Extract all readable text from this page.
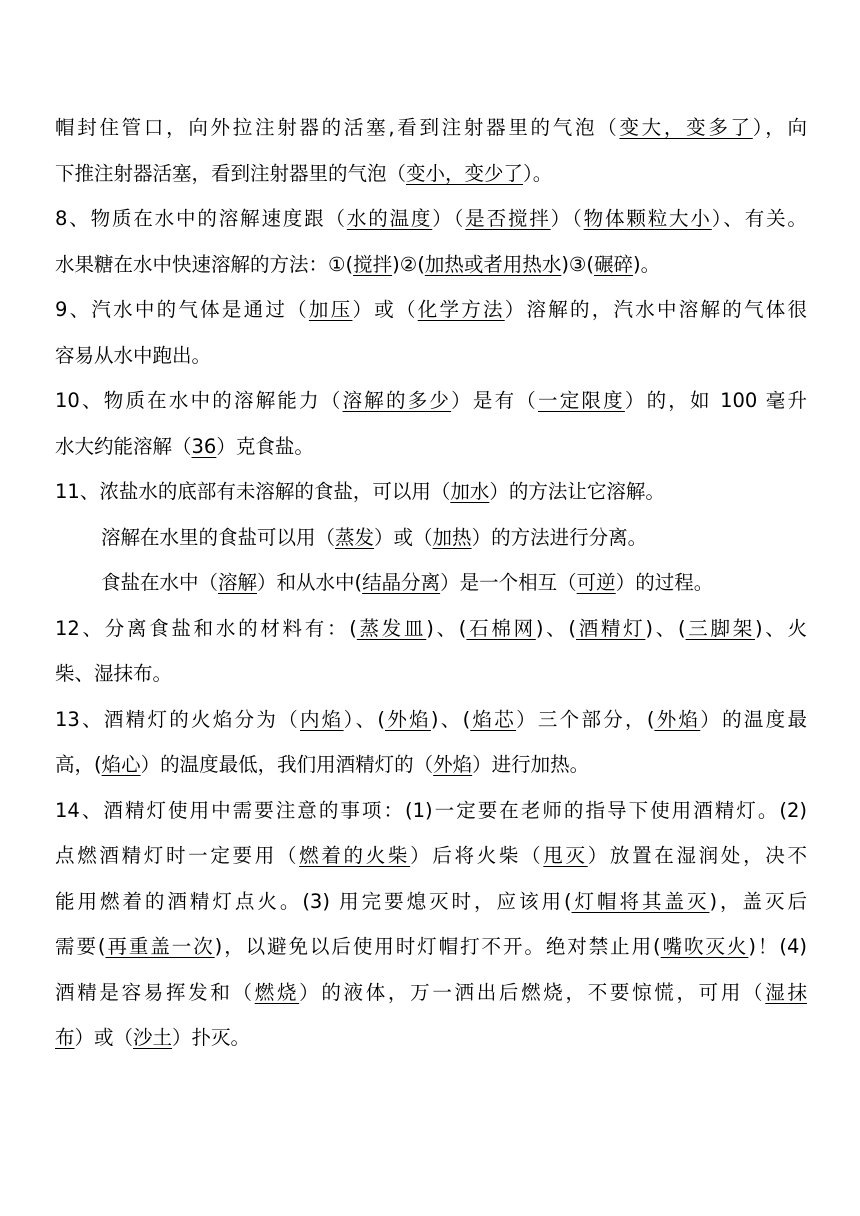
帽封住管口，向外拉注射器的活塞,看到注射器里的气泡（变大，变多了），向
下推注射器活塞，看到注射器里的气泡（变小，变少了）。
8、物质在水中的溶解速度跟（水的温度）（是否搅拌）（物体颗粒大小）、有关。
水果糖在水中快速溶解的方法：①(搅拌)②(加热或者用热水)③(碾碎)。
9、汽水中的气体是通过（加压）或（化学方法）溶解的，汽水中溶解的气体很
容易从水中跑出。
10、物质在水中的溶解能力（溶解的多少）是有（一定限度）的，如 100 毫升
水大约能溶解（36）克食盐。
11、浓盐水的底部有未溶解的食盐，可以用（加水）的方法让它溶解。
溶解在水里的食盐可以用（蒸发）或（加热）的方法进行分离。
食盐在水中（溶解）和从水中(结晶分离）是一个相互（可逆）的过程。
12、分离食盐和水的材料有：(蒸发皿)、(石棉网)、(酒精灯)、(三脚架)、火
柴、湿抹布。
13、酒精灯的火焰分为（内焰）、(外焰)、(焰芯）三个部分，(外焰）的温度最
高，(焰心）的温度最低，我们用酒精灯的（外焰）进行加热。
14、酒精灯使用中需要注意的事项：(1)一定要在老师的指导下使用酒精灯。(2)
点燃酒精灯时一定要用（燃着的火柴）后将火柴（甩灭）放置在湿润处，决不
能用燃着的酒精灯点火。(3) 用完要熄灭时，应该用(灯帽将其盖灭)，盖灭后
需要(再重盖一次)，以避免以后使用时灯帽打不开。绝对禁止用(嘴吹灭火)！(4)
酒精是容易挥发和（燃烧）的液体，万一洒出后燃烧，不要惊慌，可用（湿抹
布）或（沙土）扑灭。
